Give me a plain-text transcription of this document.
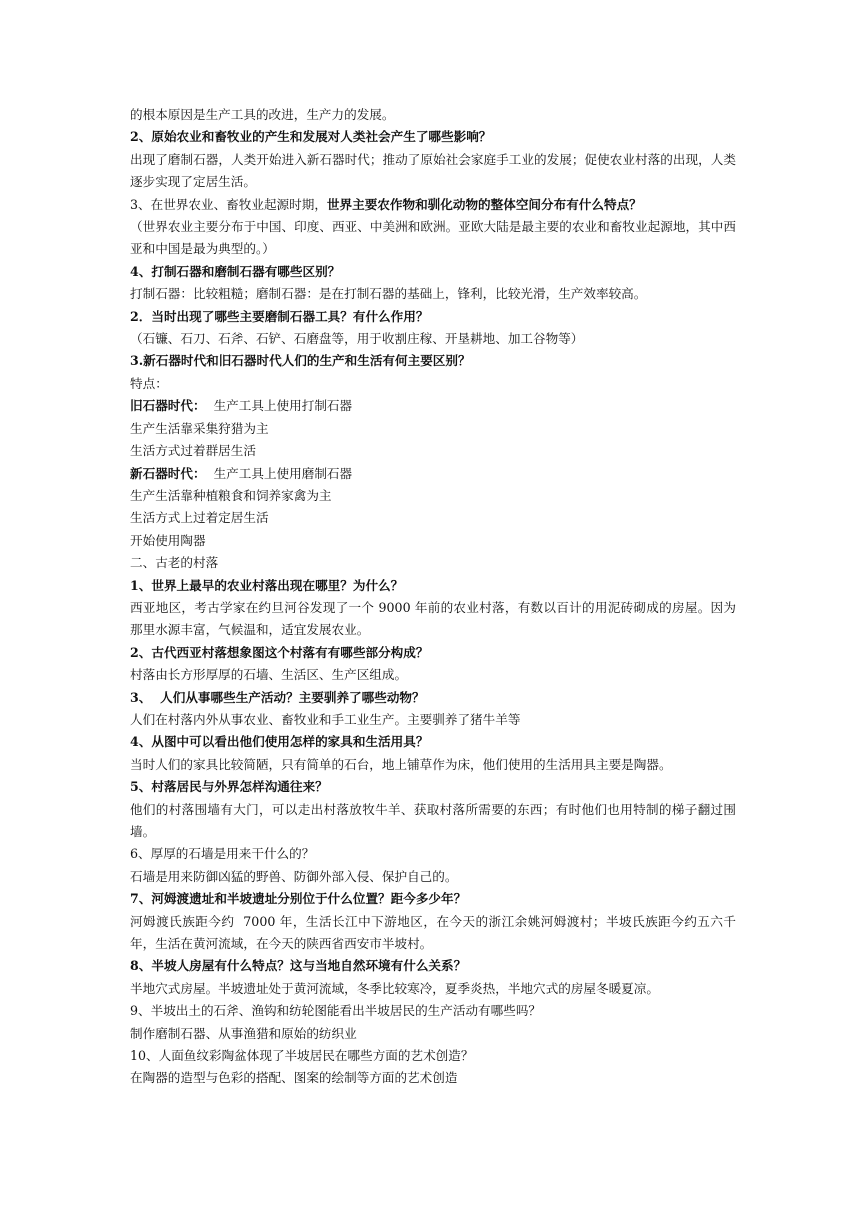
的根本原因是生产工具的改进，生产力的发展。
2、原始农业和畜牧业的产生和发展对人类社会产生了哪些影响？
出现了磨制石器，人类开始进入新石器时代；推动了原始社会家庭手工业的发展；促使农业村落的出现，人类逐步实现了定居生活。
3、在世界农业、畜牧业起源时期，世界主要农作物和驯化动物的整体空间分布有什么特点？
（世界农业主要分布于中国、印度、西亚、中美洲和欧洲。亚欧大陆是最主要的农业和畜牧业起源地，其中西亚和中国是最为典型的。）
4、打制石器和磨制石器有哪些区别？
打制石器：比较粗糙；磨制石器：是在打制石器的基础上，锋利，比较光滑，生产效率较高。
2．当时出现了哪些主要磨制石器工具？有什么作用？
（石镰、石刀、石斧、石铲、石磨盘等，用于收割庄稼、开垦耕地、加工谷物等）
3.新石器时代和旧石器时代人们的生产和生活有何主要区别？
特点：
旧石器时代：  生产工具上使用打制石器
生产生活靠采集狩猎为主
生活方式过着群居生活
新石器时代：  生产工具上使用磨制石器
生产生活靠种植粮食和饲养家禽为主
生活方式上过着定居生活
开始使用陶器
二、古老的村落
1、世界上最早的农业村落出现在哪里？为什么？
西亚地区，考古学家在约旦河谷发现了一个 9000 年前的农业村落，有数以百计的用泥砖砌成的房屋。因为那里水源丰富，气候温和，适宜发展农业。
2、古代西亚村落想象图这个村落有有哪些部分构成？
村落由长方形厚厚的石墙、生活区、生产区组成。
3、  人们从事哪些生产活动？主要驯养了哪些动物？
人们在村落内外从事农业、畜牧业和手工业生产。主要驯养了猪牛羊等
4、从图中可以看出他们使用怎样的家具和生活用具？
当时人们的家具比较简陋，只有简单的石台，地上铺草作为床，他们使用的生活用具主要是陶器。
5、村落居民与外界怎样沟通往来？
他们的村落围墙有大门，可以走出村落放牧牛羊、获取村落所需要的东西；有时他们也用特制的梯子翻过围墙。
6、厚厚的石墙是用来干什么的？
石墙是用来防御凶猛的野兽、防御外部入侵、保护自己的。
7、河姆渡遗址和半坡遗址分别位于什么位置？距今多少年？
河姆渡氏族距今约  7000 年，生活长江中下游地区，在今天的浙江余姚河姆渡村；半坡氏族距今约五六千年，生活在黄河流域，在今天的陕西省西安市半坡村。
8、半坡人房屋有什么特点？这与当地自然环境有什么关系？
半地穴式房屋。半坡遗址处于黄河流域，冬季比较寒冷，夏季炎热，半地穴式的房屋冬暖夏凉。
9、半坡出土的石斧、渔钩和纺轮图能看出半坡居民的生产活动有哪些吗？
制作磨制石器、从事渔猎和原始的纺织业
10、人面鱼纹彩陶盆体现了半坡居民在哪些方面的艺术创造？
在陶器的造型与色彩的搭配、图案的绘制等方面的艺术创造
